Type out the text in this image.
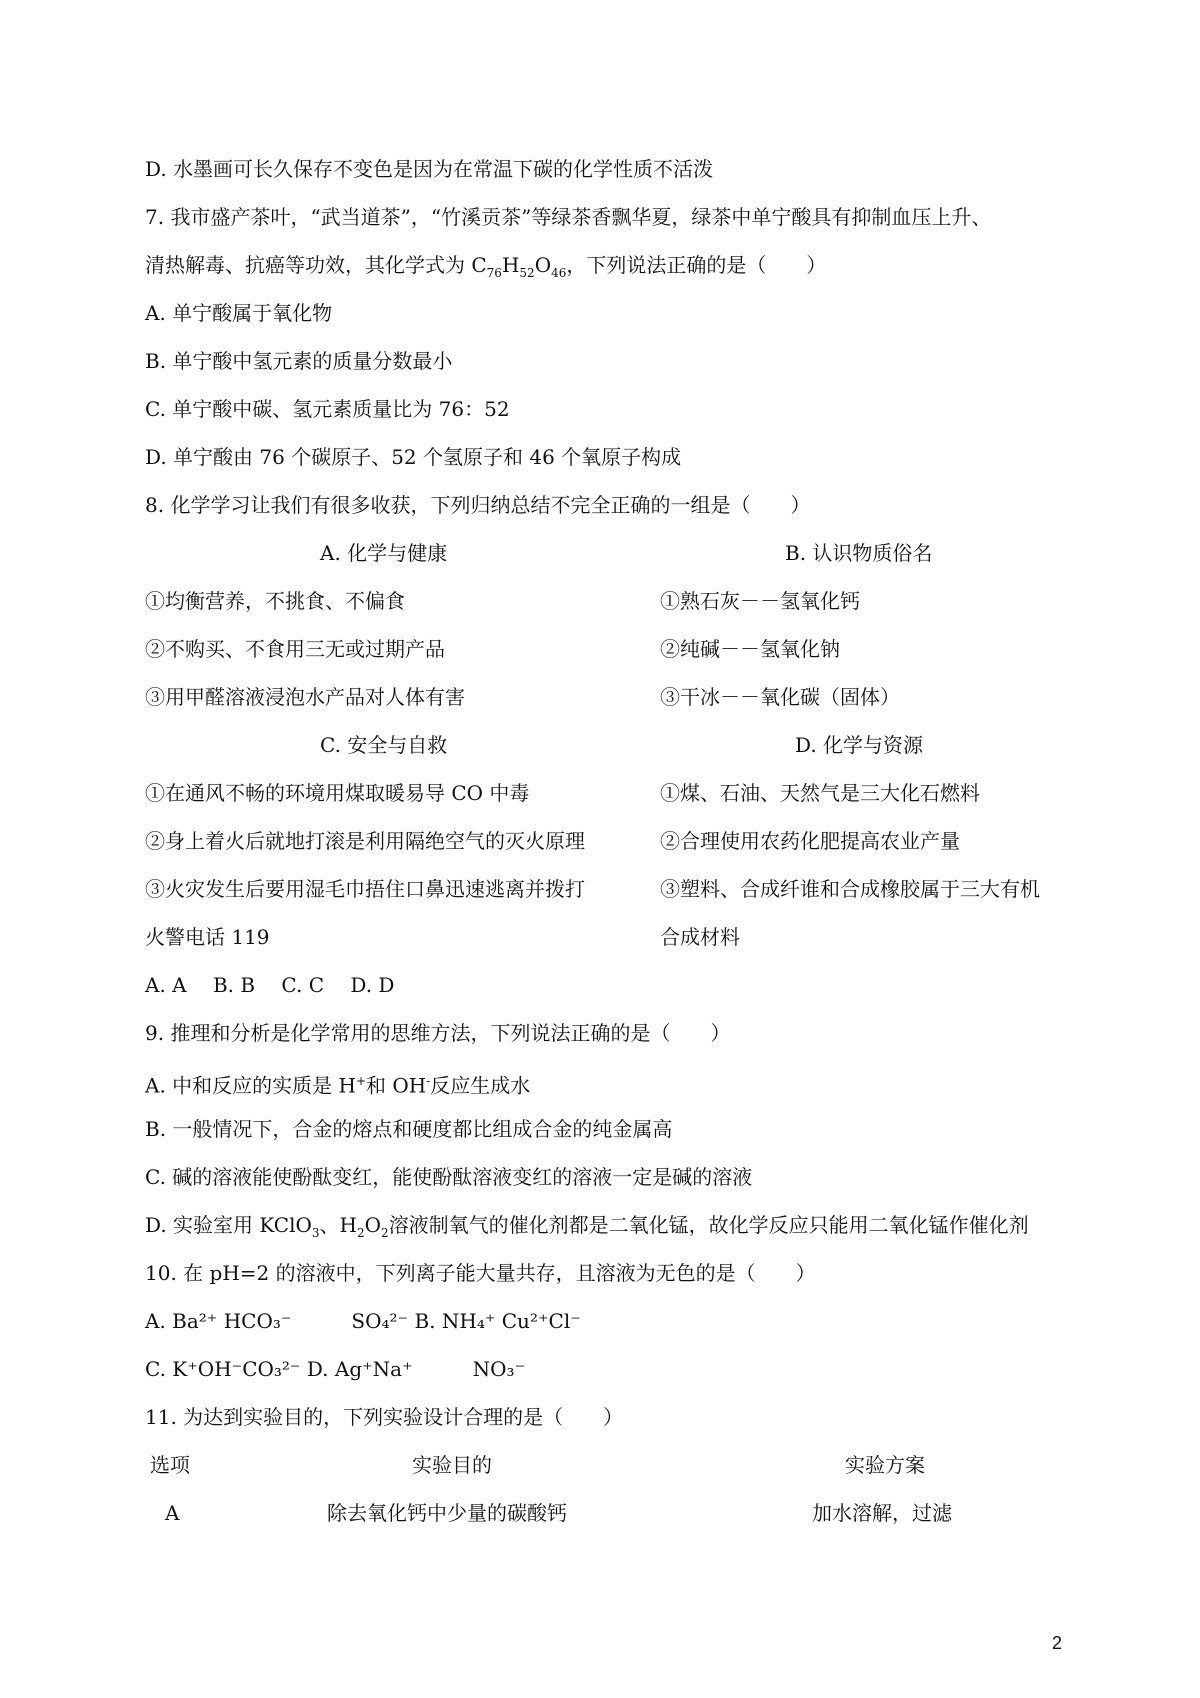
D. 水墨画可长久保存不变色是因为在常温下碳的化学性质不活泼
7. 我市盛产茶叶，“武当道茶”，“竹溪贡茶”等绿茶香飘华夏，绿茶中单宁酸具有抑制血压上升、
清热解毒、抗癌等功效，其化学式为 $C_{76}H_{52}O_{46}$，下列说法正确的是（　　）
A. 单宁酸属于氧化物
B. 单宁酸中氢元素的质量分数最小
C. 单宁酸中碳、氢元素质量比为 76：52
D. 单宁酸由 76 个碳原子、52 个氢原子和 46 个氧原子构成
8. 化学学习让我们有很多收获，下列归纳总结不完全正确的一组是（　　）
A. 化学与健康	B. 认识物质俗名
①均衡营养，不挑食、不偏食	①熟石灰－－氢氧化钙
②不购买、不食用三无或过期产品	②纯碱－－氢氧化钠
③用甲醛溶液浸泡水产品对人体有害	③干冰－－氧化碳（固体）
C. 安全与自救	D. 化学与资源
①在通风不畅的环境用煤取暖易导 CO 中毒	①煤、石油、天然气是三大化石燃料
②身上着火后就地打滚是利用隔绝空气的灭火原理	②合理使用农药化肥提高农业产量
③火灾发生后要用湿毛巾捂住口鼻迅速逃离并拨打	③塑料、合成纤谁和合成橡胶属于三大有机
火警电话 119	合成材料
A. A　 B. B　 C. C　 D. D
9. 推理和分析是化学常用的思维方法，下列说法正确的是（　　）
A. 中和反应的实质是 H+和 OH-反应生成水
B. 一般情况下，合金的熔点和硬度都比组成合金的纯金属高
C. 碱的溶液能使酚酞变红，能使酚酞溶液变红的溶液一定是碱的溶液
D. 实验室用 KClO$_3$、$H_2O_2$溶液制氧气的催化剂都是二氧化锰，故化学反应只能用二氧化锰作催化剂
10. 在 pH=2 的溶液中，下列离子能大量共存，且溶液为无色的是（　　）
A. Ba²⁺ HCO₃⁻　　　SO₄²⁻ B. NH₄⁺ Cu²⁺Cl⁻
C. K⁺OH⁻CO₃²⁻ D. Ag⁺Na⁺　　　NO₃⁻
11. 为达到实验目的，下列实验设计合理的是（　　）
选项	实验目的	实验方案
A	除去氧化钙中少量的碳酸钙	加水溶解，过滤
2
